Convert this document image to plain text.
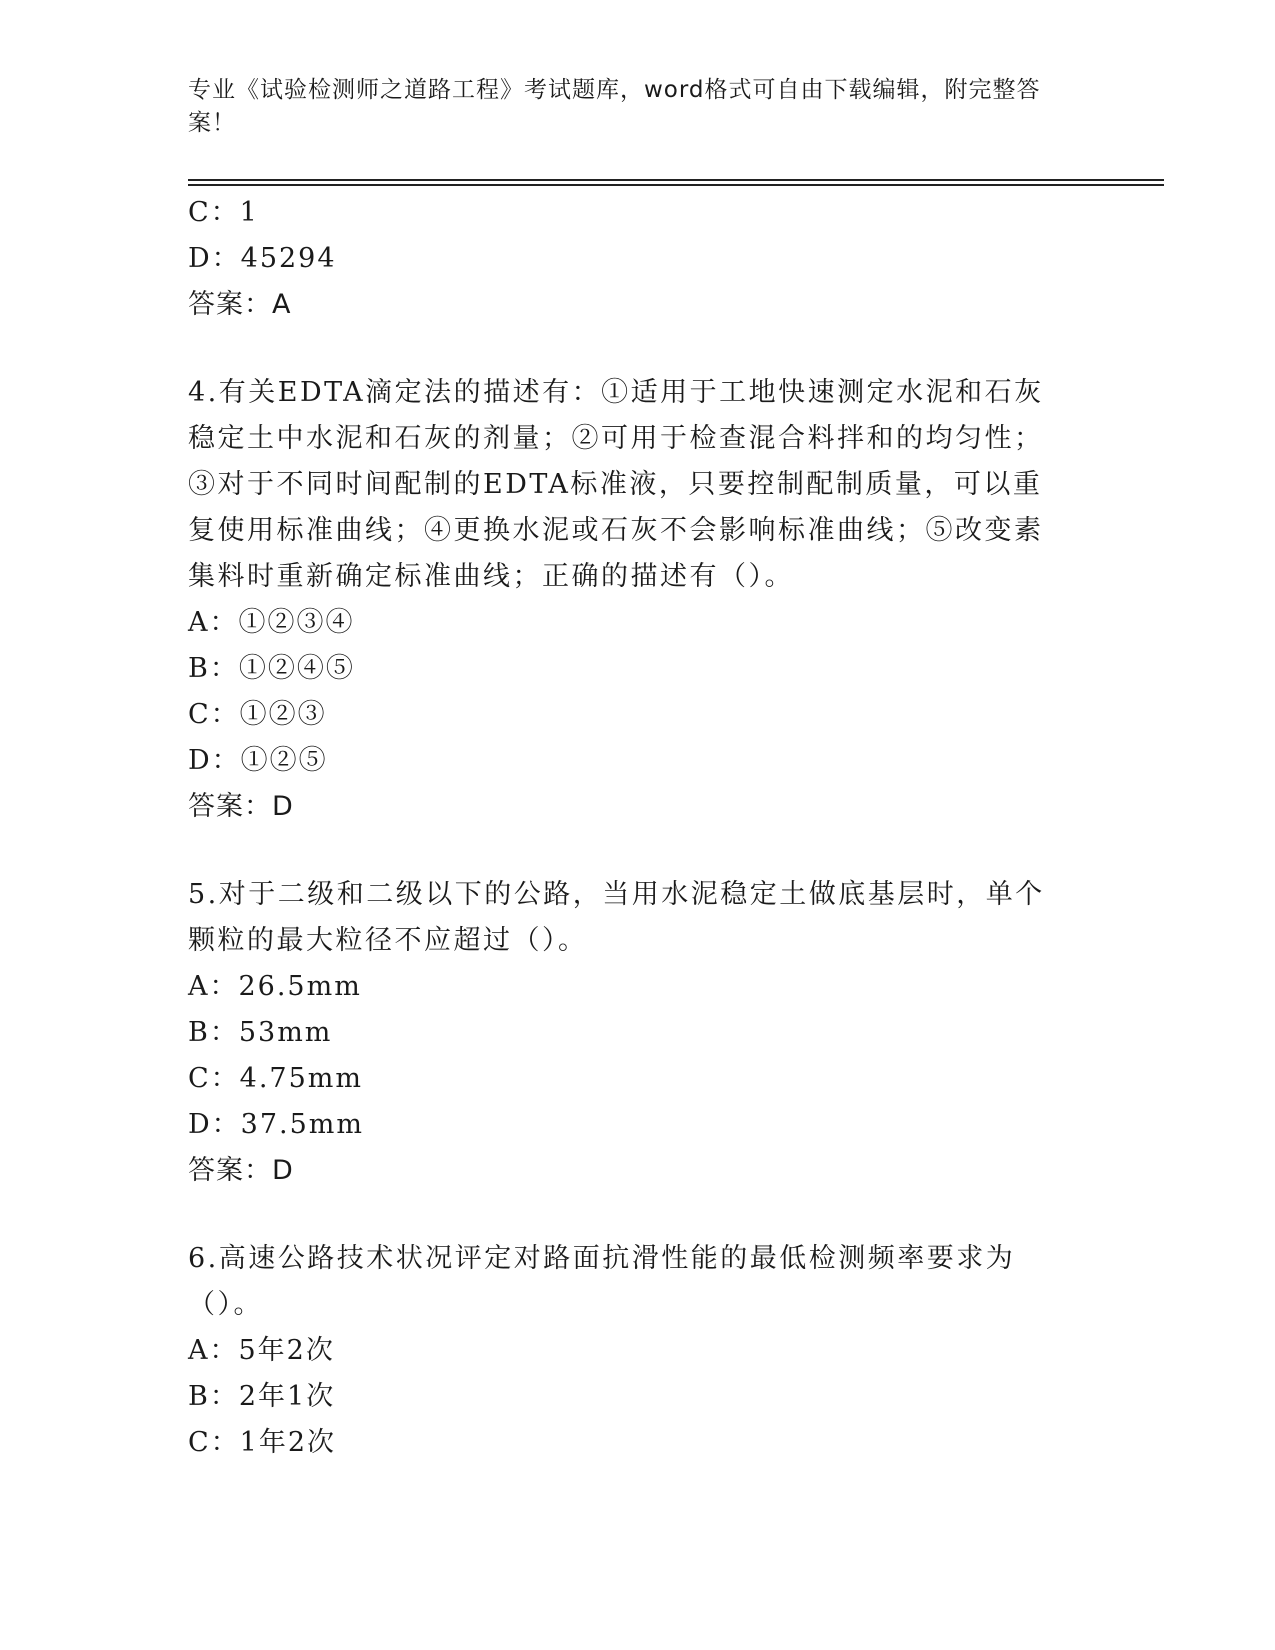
专业《试验检测师之道路工程》考试题库，word格式可自由下载编辑，附完整答案！
C：1
D：45294
答案：A
4.有关EDTA滴定法的描述有：①适用于工地快速测定水泥和石灰稳定土中水泥和石灰的剂量；②可用于检查混合料拌和的均匀性；③对于不同时间配制的EDTA标准液，只要控制配制质量，可以重复使用标准曲线；④更换水泥或石灰不会影响标准曲线；⑤改变素集料时重新确定标准曲线；正确的描述有（）。
A：①②③④
B：①②④⑤
C：①②③
D：①②⑤
答案：D
5.对于二级和二级以下的公路，当用水泥稳定土做底基层时，单个颗粒的最大粒径不应超过（）。
A：26.5mm
B：53mm
C：4.75mm
D：37.5mm
答案：D
6.高速公路技术状况评定对路面抗滑性能的最低检测频率要求为（）。
A：5年2次
B：2年1次
C：1年2次
